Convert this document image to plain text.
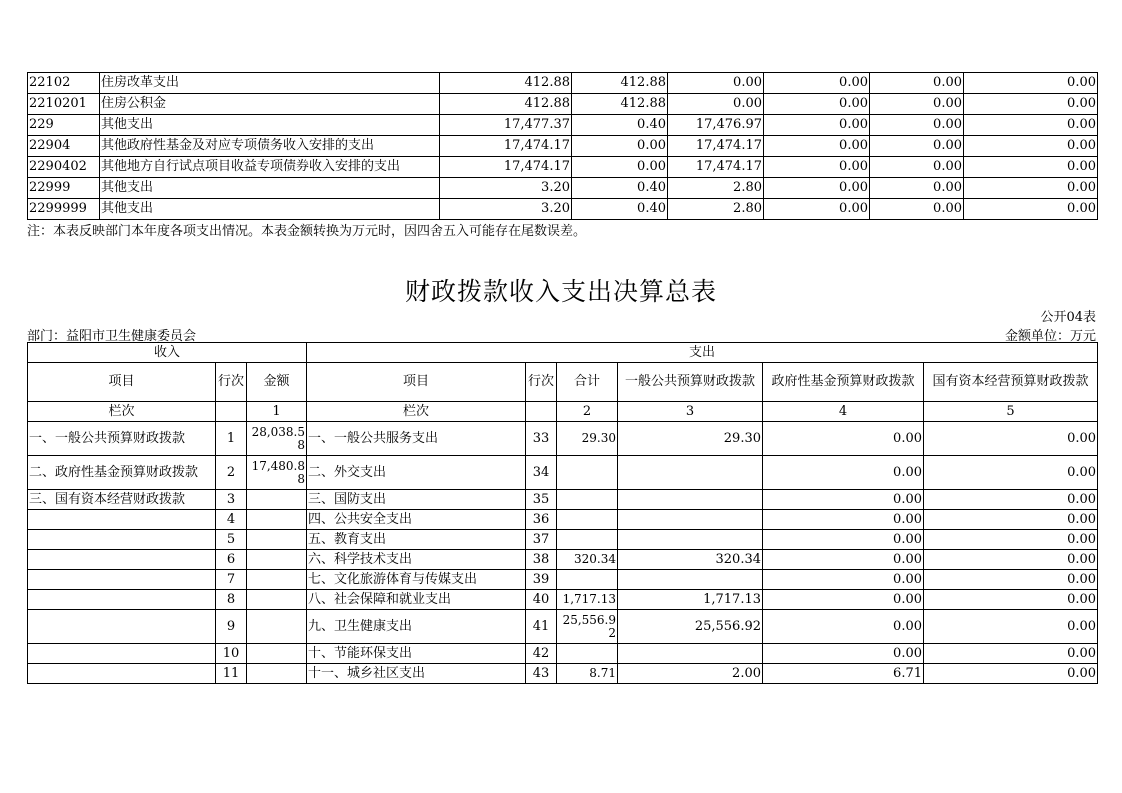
22102	住房改革支出	412.88	412.88	0.00	0.00	0.00	0.00
2210201	住房公积金	412.88	412.88	0.00	0.00	0.00	0.00
229	其他支出	17,477.37	0.40	17,476.97	0.00	0.00	0.00
22904	其他政府性基金及对应专项债务收入安排的支出	17,474.17	0.00	17,474.17	0.00	0.00	0.00
2290402	其他地方自行试点项目收益专项债券收入安排的支出	17,474.17	0.00	17,474.17	0.00	0.00	0.00
22999	其他支出	3.20	0.40	2.80	0.00	0.00	0.00
2299999	其他支出	3.20	0.40	2.80	0.00	0.00	0.00
注：本表反映部门本年度各项支出情况。本表金额转换为万元时，因四舍五入可能存在尾数误差。
财政拨款收入支出决算总表
公开04表
部门：益阳市卫生健康委员会	金额单位：万元
收入			支出					
项目	行次	金额	项目	行次	合计	一般公共预算财政拨款	政府性基金预算财政拨款	国有资本经营预算财政拨款
栏次		1	栏次		2	3	4	5
一、一般公共预算财政拨款	1	28,038.58	一、一般公共服务支出	33	29.30	29.30	0.00	0.00
二、政府性基金预算财政拨款	2	17,480.88	二、外交支出	34			0.00	0.00
三、国有资本经营财政拨款	3		三、国防支出	35			0.00	0.00
	4		四、公共安全支出	36			0.00	0.00
	5		五、教育支出	37			0.00	0.00
	6		六、科学技术支出	38	320.34	320.34	0.00	0.00
	7		七、文化旅游体育与传媒支出	39			0.00	0.00
	8		八、社会保障和就业支出	40	1,717.13	1,717.13	0.00	0.00
	9		九、卫生健康支出	41	25,556.92	25,556.92	0.00	0.00
	10		十、节能环保支出	42			0.00	0.00
	11		十一、城乡社区支出	43	8.71	2.00	6.71	0.00
